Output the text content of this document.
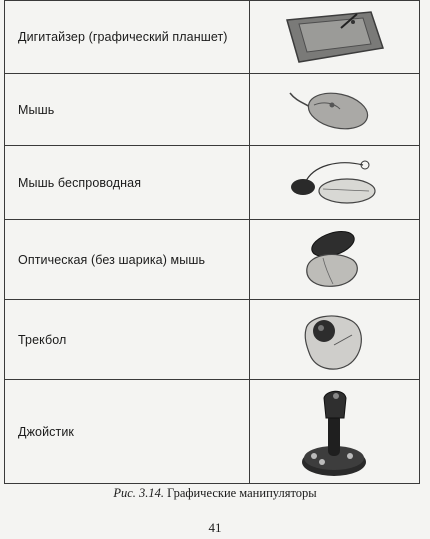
Дигитайзер (графический планшет)	

Мышь	

Мышь беспроводная	

Оптическая (без шарика) мышь	

Трекбол	

Джойстик	
Рис. 3.14. Графические манипуляторы
41
